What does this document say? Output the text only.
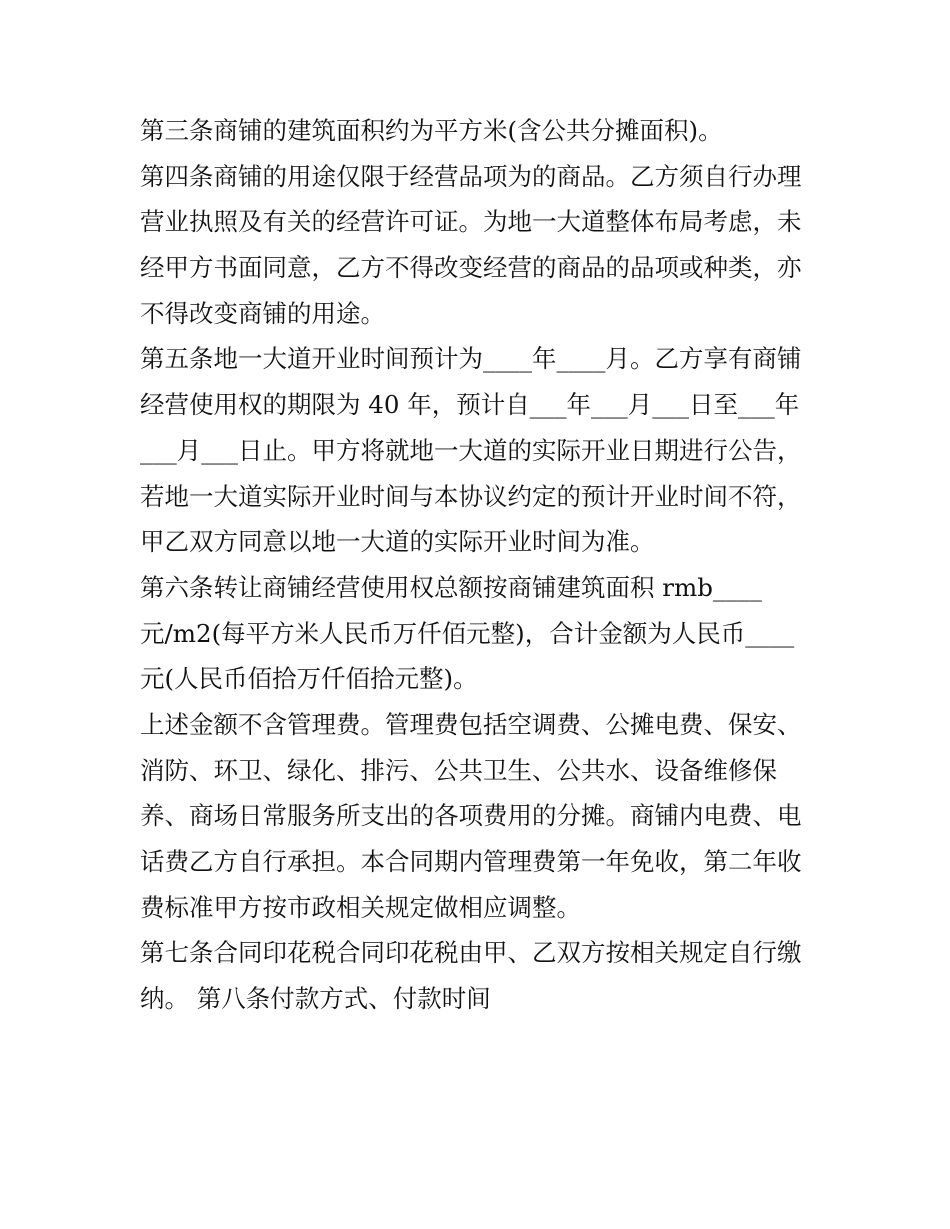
第三条商铺的建筑面积约为平方米(含公共分摊面积)。
第四条商铺的用途仅限于经营品项为的商品。乙方须自行办理
营业执照及有关的经营许可证。为地一大道整体布局考虑，未
经甲方书面同意，乙方不得改变经营的商品的品项或种类，亦
不得改变商铺的用途。
第五条地一大道开业时间预计为____年____月。乙方享有商铺
经营使用权的期限为 40 年，预计自___年___月___日至___年
___月___日止。甲方将就地一大道的实际开业日期进行公告，
若地一大道实际开业时间与本协议约定的预计开业时间不符，
甲乙双方同意以地一大道的实际开业时间为准。
第六条转让商铺经营使用权总额按商铺建筑面积 rmb____
元/m2(每平方米人民币万仟佰元整)，合计金额为人民币____
元(人民币佰拾万仟佰拾元整)。
上述金额不含管理费。管理费包括空调费、公摊电费、保安、
消防、环卫、绿化、排污、公共卫生、公共水、设备维修保
养、商场日常服务所支出的各项费用的分摊。商铺内电费、电
话费乙方自行承担。本合同期内管理费第一年免收，第二年收
费标准甲方按市政相关规定做相应调整。
第七条合同印花税合同印花税由甲、乙双方按相关规定自行缴
纳。 第八条付款方式、付款时间
